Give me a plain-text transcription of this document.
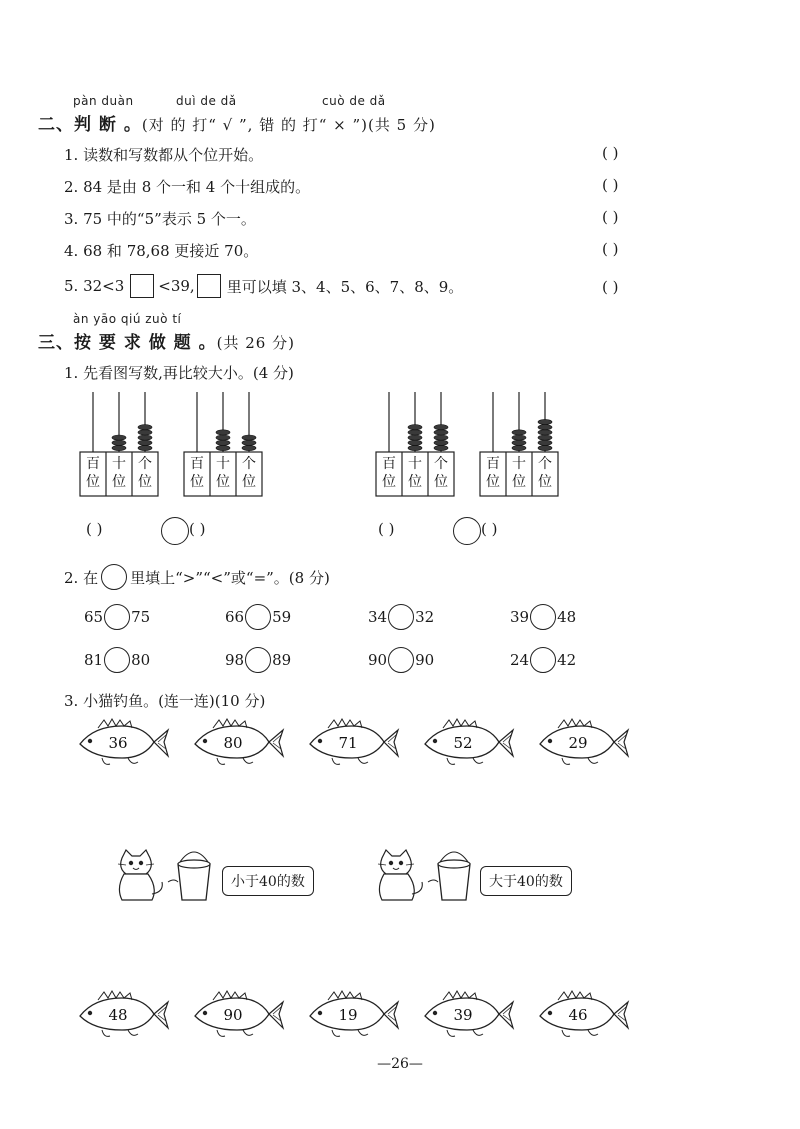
pàn duàn	duì de dǎ	cuò de dǎ
二、判 断 。(对 的 打“ √ ”, 错 的 打“ × ”)(共 5 分)
1. 读数和写数都从个位开始。	( )
2. 84 是由 8 个一和 4 个十组成的。	( )
3. 75 中的“5”表示 5 个一。	( )
4. 68 和 78,68 更接近 70。	( )
5. 32<3 <39, 里可以填 3、4、5、6、7、8、9。	( )
àn yāo qiú zuò tí
三、按 要 求 做 题 。(共 26 分)
1. 先看图写数,再比较大小。(4 分)
百
位
十
位
个
位
百
位
十
位
个
位
百
位
十
位
个
位
百
位
十
位
个
位
( )	( )	( )	( )
2. 在 里填上“>”“<”或“=”。(8 分)
65 75	66 59	34 32	39 48
81 80	98 89	90 90	24 42
3. 小猫钓鱼。(连一连)(10 分)
36	80	71	52	29
48	90	19	39	46
小于40的数	大于40的数
—26—
